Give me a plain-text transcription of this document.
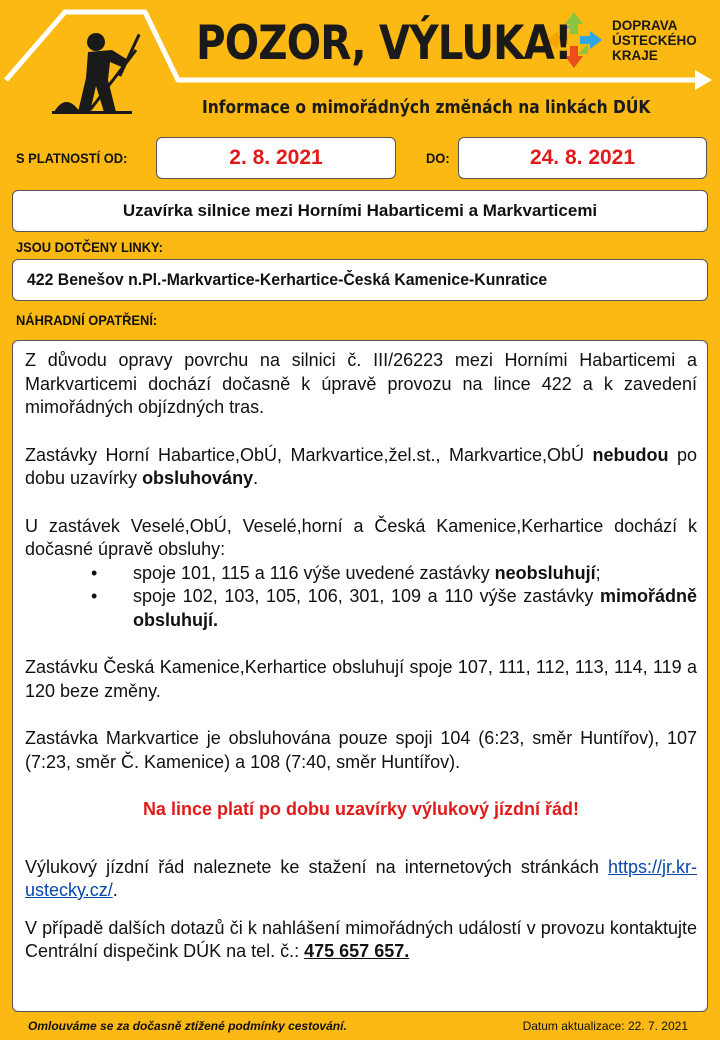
POZOR, VÝLUKA!
Informace o mimořádných změnách na linkách DÚK
DOPRAVA
ÚSTECKÉHO
KRAJE
S PLATNOSTÍ OD:	2. 8. 2021	DO:	24. 8. 2021
Uzavírka silnice mezi Horními Habarticemi a Markvarticemi
JSOU DOTČENY LINKY:
422 Benešov n.Pl.-Markvartice-Kerhartice-Česká Kamenice-Kunratice
NÁHRADNÍ OPATŘENÍ:

Z důvodu opravy povrchu na silnici č. III/26223 mezi Horními Habarticemi a Markvarticemi dochází dočasně k úpravě provozu na lince 422 a k zavedení mimořádných objízdných tras.

Zastávky Horní Habartice,ObÚ, Markvartice,žel.st., Markvartice,ObÚ nebudou po dobu uzavírky obsluhovány.

U zastávek Veselé,ObÚ, Veselé,horní a Česká Kamenice,Kerhartice dochází k dočasné úpravě obsluhy:

• spoje 101, 115 a 116 výše uvedené zastávky neobsluhují;

• spoje 102, 103, 105, 106, 301, 109 a 110 výše zastávky mimořádně obsluhují.

Zastávku Česká Kamenice,Kerhartice obsluhují spoje 107, 111, 112, 113, 114, 119 a 120 beze změny.

Zastávka Markvartice je obsluhována pouze spoji 104 (6:23, směr Huntířov), 107 (7:23, směr Č. Kamenice) a 108 (7:40, směr Huntířov).

Na lince platí po dobu uzavírky výlukový jízdní řád!

Výlukový jízdní řád naleznete ke stažení na internetových stránkách https://jr.kr-ustecky.cz/.

V případě dalších dotazů či k nahlášení mimořádných událostí v provozu kontaktujte Centrální dispečink DÚK na tel. č.: 475 657 657.

Omlouváme se za dočasně ztížené podmínky cestování.	Datum aktualizace: 22. 7. 2021
